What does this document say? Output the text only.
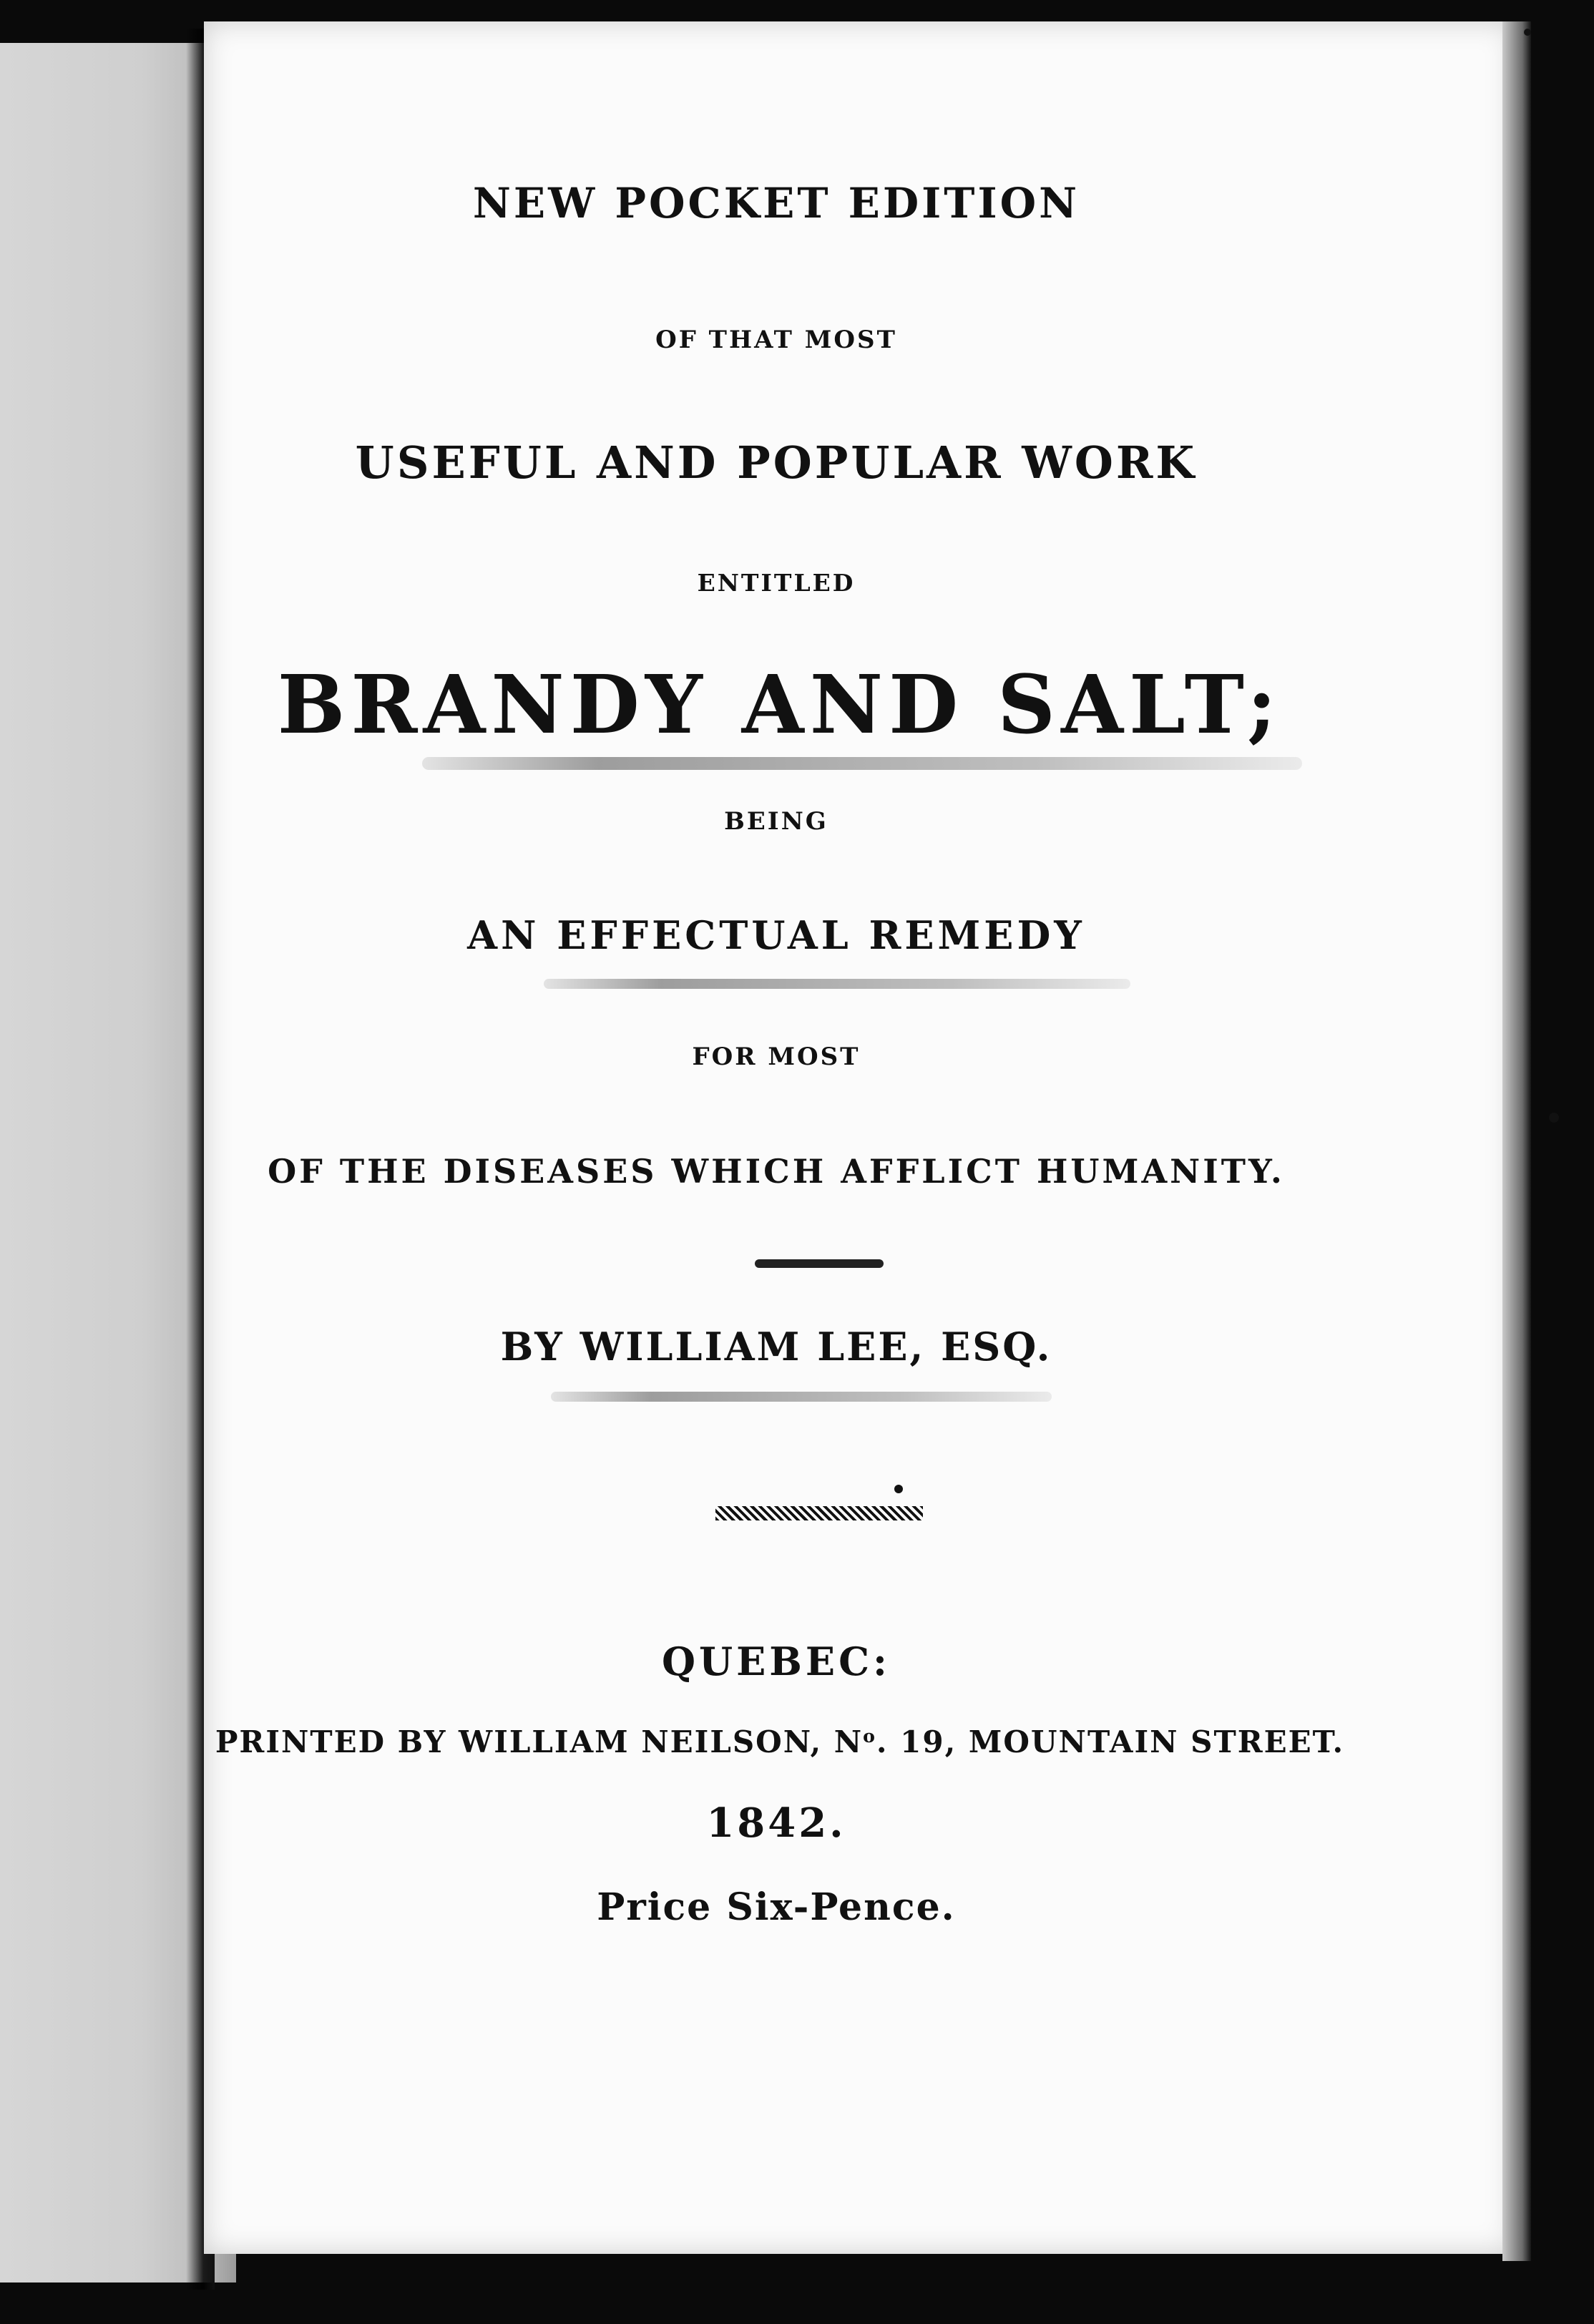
NEW POCKET EDITION
OF THAT MOST
USEFUL AND POPULAR WORK
ENTITLED
BRANDY AND SALT;
BEING
AN EFFECTUAL REMEDY
FOR MOST
OF THE DISEASES WHICH AFFLICT HUMANITY.
BY WILLIAM LEE, ESQ.
QUEBEC:
PRINTED BY WILLIAM NEILSON, $N^o$. 19, MOUNTAIN STREET.
1842.
Price Six-Pence.
